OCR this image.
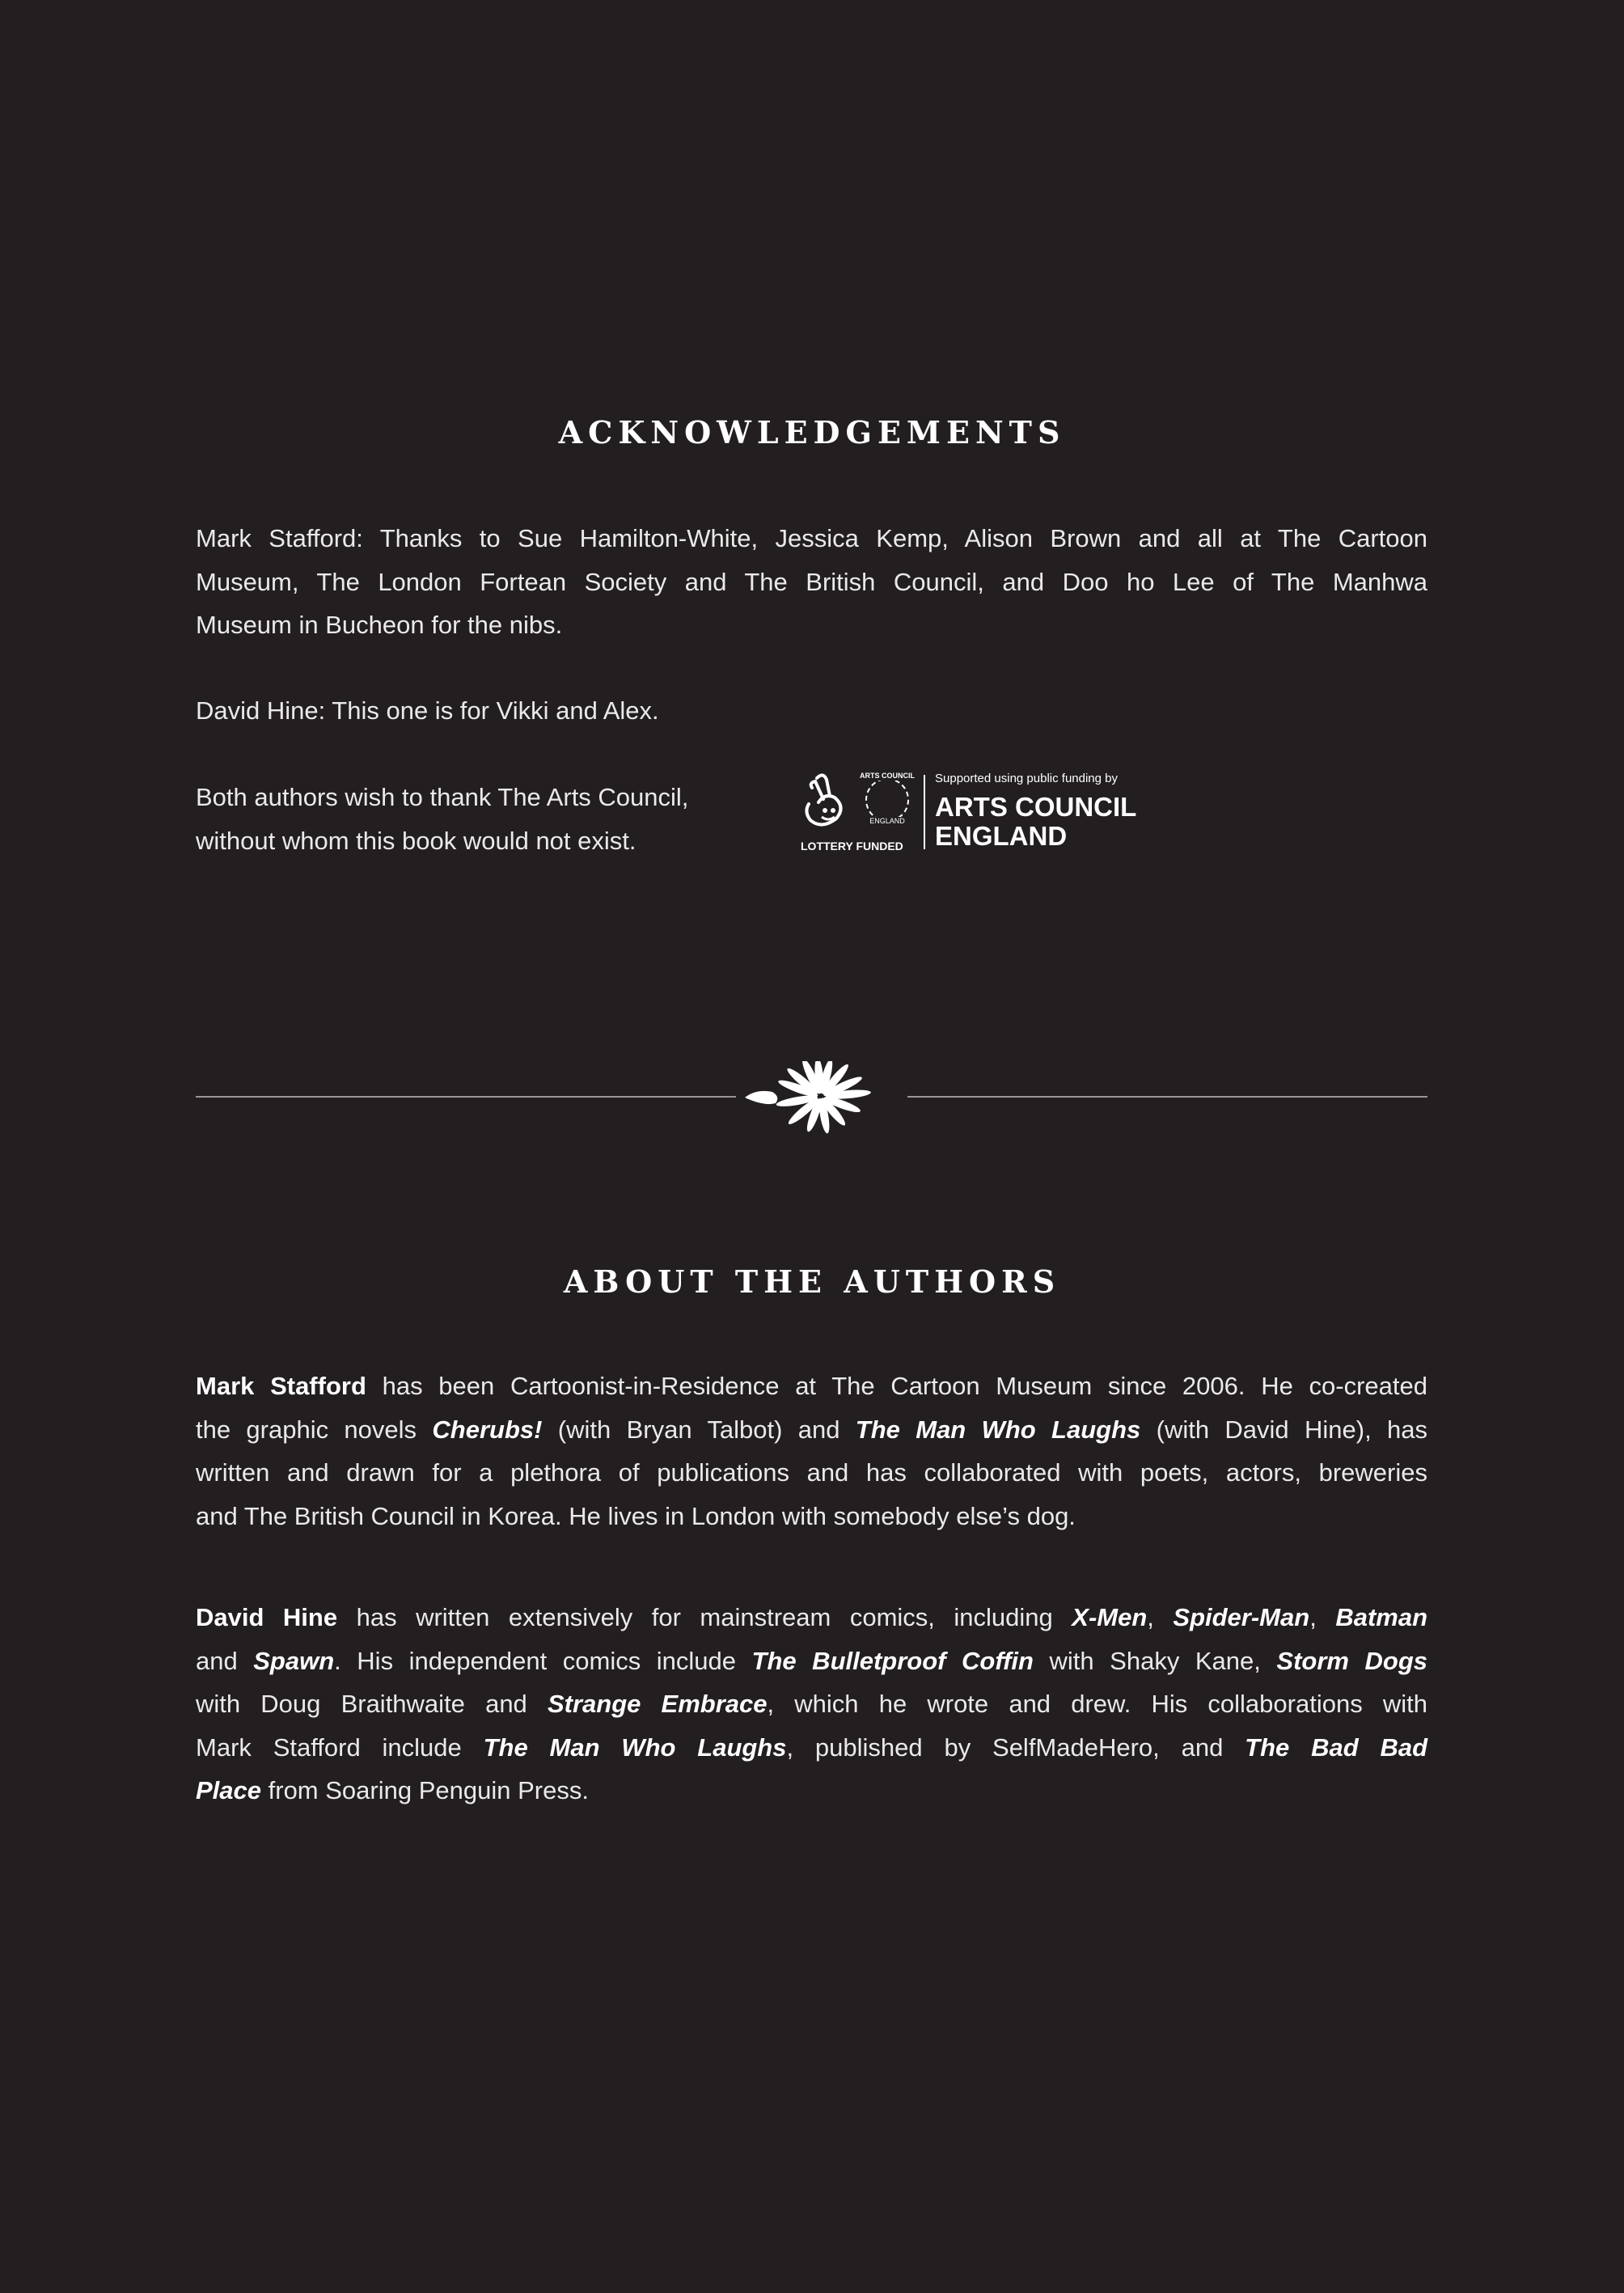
ACKNOWLEDGEMENTS
Mark Stafford: Thanks to Sue Hamilton-White, Jessica Kemp, Alison Brown and all at The Cartoon
Museum, The London Fortean Society and The British Council, and Doo ho Lee of The Manhwa
Museum in Bucheon for the nibs.
David Hine: This one is for Vikki and Alex.
Both authors wish to thank The Arts Council,
without whom this book would not exist.
ARTS COUNCIL
ENGLAND
LOTTERY FUNDED
Supported using public funding by
ARTS COUNCIL
ENGLAND
ABOUT THE AUTHORS
Mark Stafford has been Cartoonist-in-Residence at The Cartoon Museum since 2006. He co-created
the graphic novels Cherubs! (with Bryan Talbot) and The Man Who Laughs (with David Hine), has
written and drawn for a plethora of publications and has collaborated with poets, actors, breweries
and The British Council in Korea. He lives in London with somebody else’s dog.
David Hine has written extensively for mainstream comics, including X-Men, Spider-Man, Batman
and Spawn. His independent comics include The Bulletproof Coffin with Shaky Kane, Storm Dogs
with Doug Braithwaite and Strange Embrace, which he wrote and drew. His collaborations with
Mark Stafford include The Man Who Laughs, published by SelfMadeHero, and The Bad Bad
Place from Soaring Penguin Press.
